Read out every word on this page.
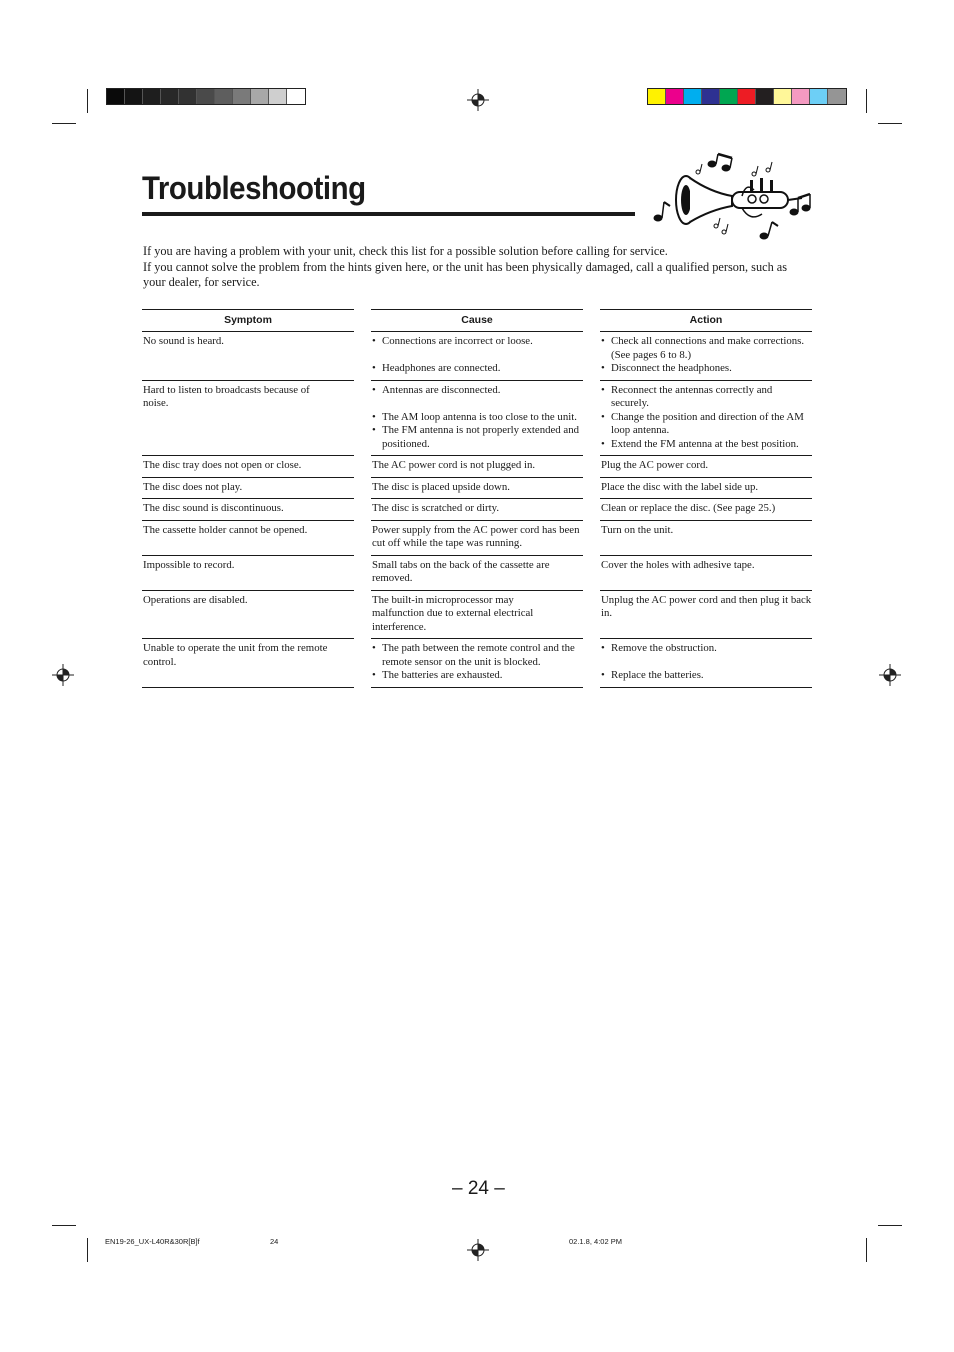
Troubleshooting

If you are having a problem with your unit, check this list for a possible solution before calling for service.

If you cannot solve the problem from the hints given here, or the unit has been physically damaged, call a qualified person, such as your dealer, for service.

Symptom	Cause	Action
No sound is heard.
•	Connections are incorrect or loose.
• Headphones are connected.
• Check all connections and make corrections. (See pages 6 to 8.)
• Disconnect the headphones.
Hard to listen to broadcasts because of noise.
• Antennas are disconnected.
• The AM loop antenna is too close to the unit.
• The FM antenna is not properly extended and positioned.
• Reconnect the antennas correctly and securely.
• Change the position and direction of the AM loop antenna.
• Extend the FM antenna at the best position.
The disc tray does not open or close.	The AC power cord is not plugged in.	Plug the AC power cord.
The disc does not play.	The disc is placed upside down.	Place the disc with the label side up.
The disc sound is discontinuous.	The disc is scratched or dirty.	Clean or replace the disc. (See page 25.)
The cassette holder cannot be opened.	Power supply from the AC power cord has been cut off while the tape was running.
Turn on the unit.
Impossible to record.	Small tabs on the back of the cassette are removed.
Cover the holes with adhesive tape.
Operations are disabled.	The built-in microprocessor may malfunction due to external electrical interference.
Unplug the AC power cord and then plug it back in.
Unable to operate the unit from the remote control.
• The path between the remote control and the remote sensor on the unit is blocked.
• The batteries are exhausted.
• Remove the obstruction.
• Replace the batteries.
– 24 –
EN19-26_UX-L40R&30R[B]f	24	02.1.8, 4:02 PM
